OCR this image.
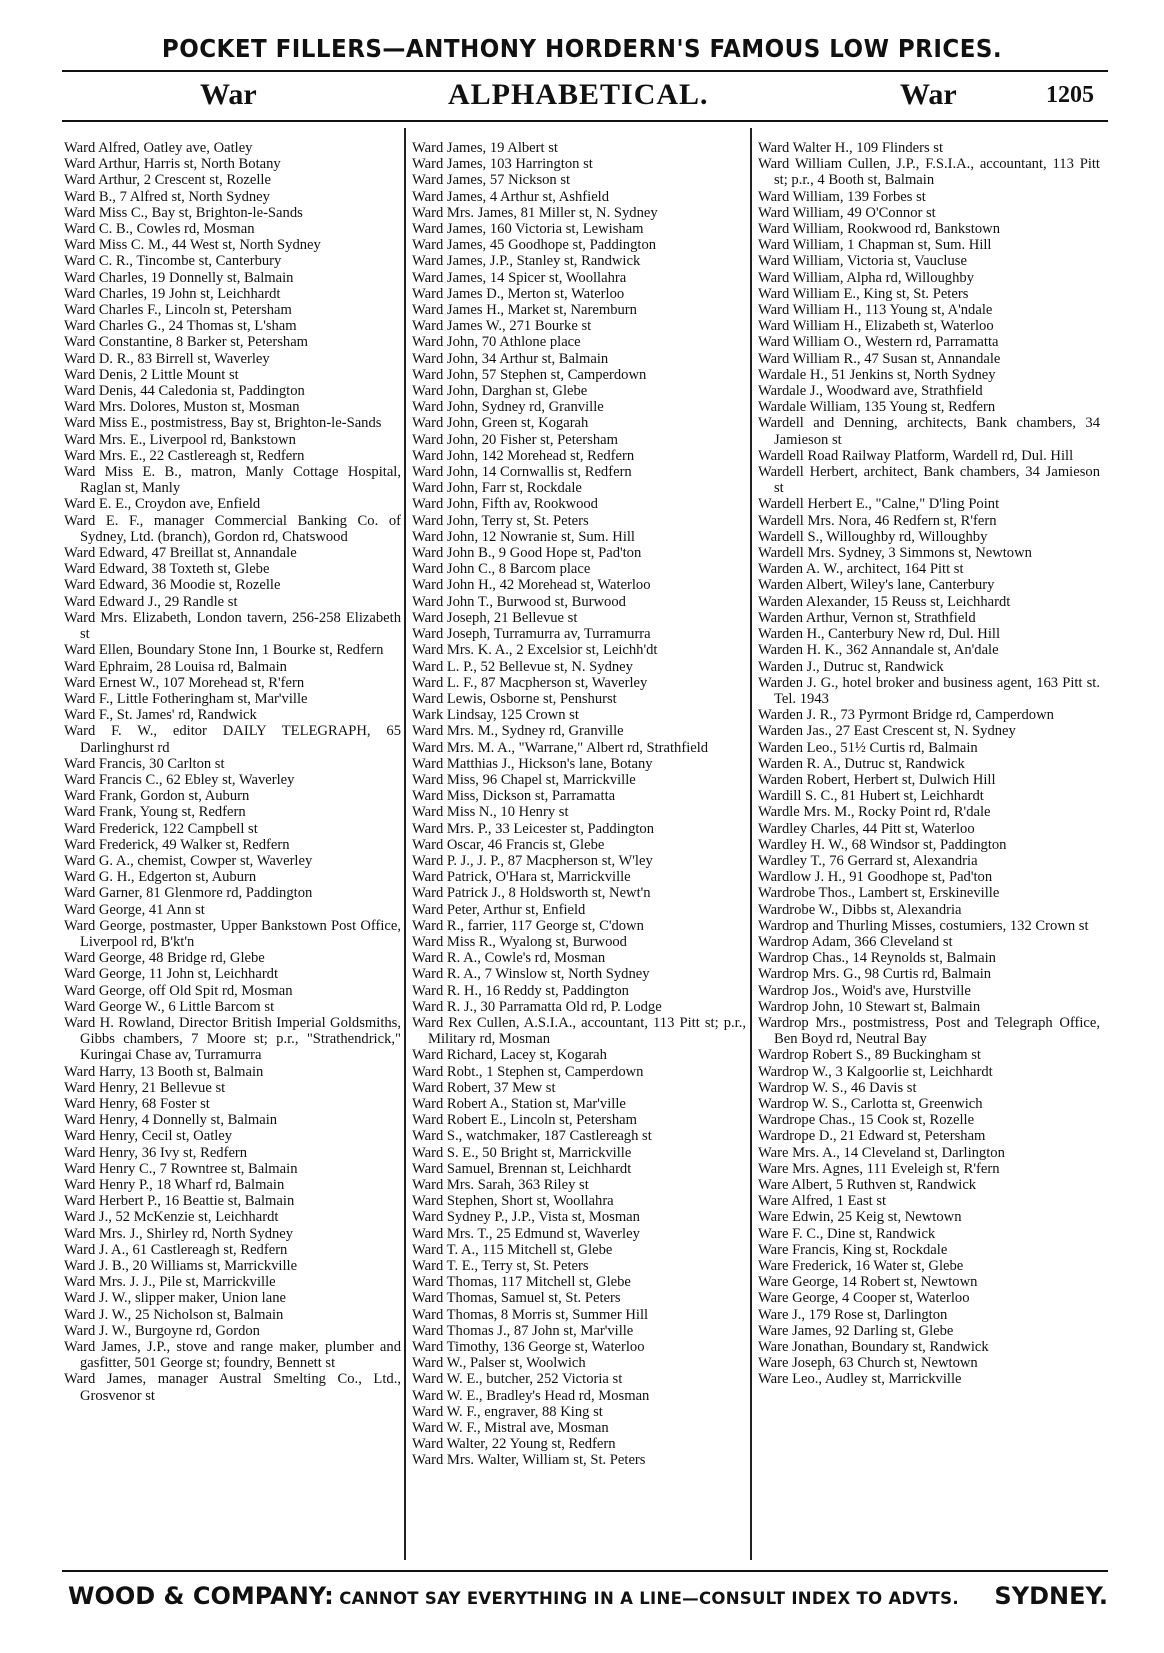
POCKET FILLERS—ANTHONY HORDERN'S FAMOUS LOW PRICES.
War	ALPHABETICAL.	War	1205
Ward Alfred, Oatley ave, Oatley
Ward Arthur, Harris st, North Botany
Ward Arthur, 2 Crescent st, Rozelle
Ward B., 7 Alfred st, North Sydney
Ward Miss C., Bay st, Brighton-le-Sands
Ward C. B., Cowles rd, Mosman
Ward Miss C. M., 44 West st, North Sydney
Ward C. R., Tincombe st, Canterbury
Ward Charles, 19 Donnelly st, Balmain
Ward Charles, 19 John st, Leichhardt
Ward Charles F., Lincoln st, Petersham
Ward Charles G., 24 Thomas st, L'sham
Ward Constantine, 8 Barker st, Petersham
Ward D. R., 83 Birrell st, Waverley
Ward Denis, 2 Little Mount st
Ward Denis, 44 Caledonia st, Paddington
Ward Mrs. Dolores, Muston st, Mosman
Ward Miss E., postmistress, Bay st, Brighton-le-Sands
Ward Mrs. E., Liverpool rd, Bankstown
Ward Mrs. E., 22 Castlereagh st, Redfern
Ward Miss E. B., matron, Manly Cottage Hospital, Raglan st, Manly
Ward E. E., Croydon ave, Enfield
Ward E. F., manager Commercial Banking Co. of Sydney, Ltd. (branch), Gordon rd, Chatswood
Ward Edward, 47 Breillat st, Annandale
Ward Edward, 38 Toxteth st, Glebe
Ward Edward, 36 Moodie st, Rozelle
Ward Edward J., 29 Randle st
Ward Mrs. Elizabeth, London tavern, 256-258 Elizabeth st
Ward Ellen, Boundary Stone Inn, 1 Bourke st, Redfern
Ward Ephraim, 28 Louisa rd, Balmain
Ward Ernest W., 107 Morehead st, R'fern
Ward F., Little Fotheringham st, Mar'ville
Ward F., St. James' rd, Randwick
Ward F. W., editor DAILY TELEGRAPH, 65 Darlinghurst rd
Ward Francis, 30 Carlton st
Ward Francis C., 62 Ebley st, Waverley
Ward Frank, Gordon st, Auburn
Ward Frank, Young st, Redfern
Ward Frederick, 122 Campbell st
Ward Frederick, 49 Walker st, Redfern
Ward G. A., chemist, Cowper st, Waverley
Ward G. H., Edgerton st, Auburn
Ward Garner, 81 Glenmore rd, Paddington
Ward George, 41 Ann st
Ward George, postmaster, Upper Bankstown Post Office, Liverpool rd, B'kt'n
Ward George, 48 Bridge rd, Glebe
Ward George, 11 John st, Leichhardt
Ward George, off Old Spit rd, Mosman
Ward George W., 6 Little Barcom st
Ward H. Rowland, Director British Imperial Goldsmiths, Gibbs chambers, 7 Moore st; p.r., "Strathendrick," Kuringai Chase av, Turramurra
Ward Harry, 13 Booth st, Balmain
Ward Henry, 21 Bellevue st
Ward Henry, 68 Foster st
Ward Henry, 4 Donnelly st, Balmain
Ward Henry, Cecil st, Oatley
Ward Henry, 36 Ivy st, Redfern
Ward Henry C., 7 Rowntree st, Balmain
Ward Henry P., 18 Wharf rd, Balmain
Ward Herbert P., 16 Beattie st, Balmain
Ward J., 52 McKenzie st, Leichhardt
Ward Mrs. J., Shirley rd, North Sydney
Ward J. A., 61 Castlereagh st, Redfern
Ward J. B., 20 Williams st, Marrickville
Ward Mrs. J. J., Pile st, Marrickville
Ward J. W., slipper maker, Union lane
Ward J. W., 25 Nicholson st, Balmain
Ward J. W., Burgoyne rd, Gordon
Ward James, J.P., stove and range maker, plumber and gasfitter, 501 George st; foundry, Bennett st
Ward James, manager Austral Smelting Co., Ltd., Grosvenor st
Ward James, 19 Albert st
Ward James, 103 Harrington st
Ward James, 57 Nickson st
Ward James, 4 Arthur st, Ashfield
Ward Mrs. James, 81 Miller st, N. Sydney
Ward James, 160 Victoria st, Lewisham
Ward James, 45 Goodhope st, Paddington
Ward James, J.P., Stanley st, Randwick
Ward James, 14 Spicer st, Woollahra
Ward James D., Merton st, Waterloo
Ward James H., Market st, Naremburn
Ward James W., 271 Bourke st
Ward John, 70 Athlone place
Ward John, 34 Arthur st, Balmain
Ward John, 57 Stephen st, Camperdown
Ward John, Darghan st, Glebe
Ward John, Sydney rd, Granville
Ward John, Green st, Kogarah
Ward John, 20 Fisher st, Petersham
Ward John, 142 Morehead st, Redfern
Ward John, 14 Cornwallis st, Redfern
Ward John, Farr st, Rockdale
Ward John, Fifth av, Rookwood
Ward John, Terry st, St. Peters
Ward John, 12 Nowranie st, Sum. Hill
Ward John B., 9 Good Hope st, Pad'ton
Ward John C., 8 Barcom place
Ward John H., 42 Morehead st, Waterloo
Ward John T., Burwood st, Burwood
Ward Joseph, 21 Bellevue st
Ward Joseph, Turramurra av, Turramurra
Ward Mrs. K. A., 2 Excelsior st, Leichh'dt
Ward L. P., 52 Bellevue st, N. Sydney
Ward L. F., 87 Macpherson st, Waverley
Ward Lewis, Osborne st, Penshurst
Wark Lindsay, 125 Crown st
Ward Mrs. M., Sydney rd, Granville
Ward Mrs. M. A., "Warrane," Albert rd, Strathfield
Ward Matthias J., Hickson's lane, Botany
Ward Miss, 96 Chapel st, Marrickville
Ward Miss, Dickson st, Parramatta
Ward Miss N., 10 Henry st
Ward Mrs. P., 33 Leicester st, Paddington
Ward Oscar, 46 Francis st, Glebe
Ward P. J., J. P., 87 Macpherson st, W'ley
Ward Patrick, O'Hara st, Marrickville
Ward Patrick J., 8 Holdsworth st, Newt'n
Ward Peter, Arthur st, Enfield
Ward R., farrier, 117 George st, C'down
Ward Miss R., Wyalong st, Burwood
Ward R. A., Cowle's rd, Mosman
Ward R. A., 7 Winslow st, North Sydney
Ward R. H., 16 Reddy st, Paddington
Ward R. J., 30 Parramatta Old rd, P. Lodge
Ward Rex Cullen, A.S.I.A., accountant, 113 Pitt st; p.r., Military rd, Mosman
Ward Richard, Lacey st, Kogarah
Ward Robt., 1 Stephen st, Camperdown
Ward Robert, 37 Mew st
Ward Robert A., Station st, Mar'ville
Ward Robert E., Lincoln st, Petersham
Ward S., watchmaker, 187 Castlereagh st
Ward S. E., 50 Bright st, Marrickville
Ward Samuel, Brennan st, Leichhardt
Ward Mrs. Sarah, 363 Riley st
Ward Stephen, Short st, Woollahra
Ward Sydney P., J.P., Vista st, Mosman
Ward Mrs. T., 25 Edmund st, Waverley
Ward T. A., 115 Mitchell st, Glebe
Ward T. E., Terry st, St. Peters
Ward Thomas, 117 Mitchell st, Glebe
Ward Thomas, Samuel st, St. Peters
Ward Thomas, 8 Morris st, Summer Hill
Ward Thomas J., 87 John st, Mar'ville
Ward Timothy, 136 George st, Waterloo
Ward W., Palser st, Woolwich
Ward W. E., butcher, 252 Victoria st
Ward W. E., Bradley's Head rd, Mosman
Ward W. F., engraver, 88 King st
Ward W. F., Mistral ave, Mosman
Ward Walter, 22 Young st, Redfern
Ward Mrs. Walter, William st, St. Peters
Ward Walter H., 109 Flinders st
Ward William Cullen, J.P., F.S.I.A., accountant, 113 Pitt st; p.r., 4 Booth st, Balmain
Ward William, 139 Forbes st
Ward William, 49 O'Connor st
Ward William, Rookwood rd, Bankstown
Ward William, 1 Chapman st, Sum. Hill
Ward William, Victoria st, Vaucluse
Ward William, Alpha rd, Willoughby
Ward William E., King st, St. Peters
Ward William H., 113 Young st, A'ndale
Ward William H., Elizabeth st, Waterloo
Ward William O., Western rd, Parramatta
Ward William R., 47 Susan st, Annandale
Wardale H., 51 Jenkins st, North Sydney
Wardale J., Woodward ave, Strathfield
Wardale William, 135 Young st, Redfern
Wardell and Denning, architects, Bank chambers, 34 Jamieson st
Wardell Road Railway Platform, Wardell rd, Dul. Hill
Wardell Herbert, architect, Bank chambers, 34 Jamieson st
Wardell Herbert E., "Calne," D'ling Point
Wardell Mrs. Nora, 46 Redfern st, R'fern
Wardell S., Willoughby rd, Willoughby
Wardell Mrs. Sydney, 3 Simmons st, Newtown
Warden A. W., architect, 164 Pitt st
Warden Albert, Wiley's lane, Canterbury
Warden Alexander, 15 Reuss st, Leichhardt
Warden Arthur, Vernon st, Strathfield
Warden H., Canterbury New rd, Dul. Hill
Warden H. K., 362 Annandale st, An'dale
Warden J., Dutruc st, Randwick
Warden J. G., hotel broker and business agent, 163 Pitt st. Tel. 1943
Warden J. R., 73 Pyrmont Bridge rd, Camperdown
Warden Jas., 27 East Crescent st, N. Sydney
Warden Leo., 51½ Curtis rd, Balmain
Warden R. A., Dutruc st, Randwick
Warden Robert, Herbert st, Dulwich Hill
Wardill S. C., 81 Hubert st, Leichhardt
Wardle Mrs. M., Rocky Point rd, R'dale
Wardley Charles, 44 Pitt st, Waterloo
Wardley H. W., 68 Windsor st, Paddington
Wardley T., 76 Gerrard st, Alexandria
Wardlow J. H., 91 Goodhope st, Pad'ton
Wardrobe Thos., Lambert st, Erskineville
Wardrobe W., Dibbs st, Alexandria
Wardrop and Thurling Misses, costumiers, 132 Crown st
Wardrop Adam, 366 Cleveland st
Wardrop Chas., 14 Reynolds st, Balmain
Wardrop Mrs. G., 98 Curtis rd, Balmain
Wardrop Jos., Woid's ave, Hurstville
Wardrop John, 10 Stewart st, Balmain
Wardrop Mrs., postmistress, Post and Telegraph Office, Ben Boyd rd, Neutral Bay
Wardrop Robert S., 89 Buckingham st
Wardrop W., 3 Kalgoorlie st, Leichhardt
Wardrop W. S., 46 Davis st
Wardrop W. S., Carlotta st, Greenwich
Wardrope Chas., 15 Cook st, Rozelle
Wardrope D., 21 Edward st, Petersham
Ware Mrs. A., 14 Cleveland st, Darlington
Ware Mrs. Agnes, 111 Eveleigh st, R'fern
Ware Albert, 5 Ruthven st, Randwick
Ware Alfred, 1 East st
Ware Edwin, 25 Keig st, Newtown
Ware F. C., Dine st, Randwick
Ware Francis, King st, Rockdale
Ware Frederick, 16 Water st, Glebe
Ware George, 14 Robert st, Newtown
Ware George, 4 Cooper st, Waterloo
Ware J., 179 Rose st, Darlington
Ware James, 92 Darling st, Glebe
Ware Jonathan, Boundary st, Randwick
Ware Joseph, 63 Church st, Newtown
Ware Leo., Audley st, Marrickville
WOOD & COMPANY: CANNOT SAY EVERYTHING IN A LINE—CONSULT INDEX TO ADVTS. SYDNEY.
